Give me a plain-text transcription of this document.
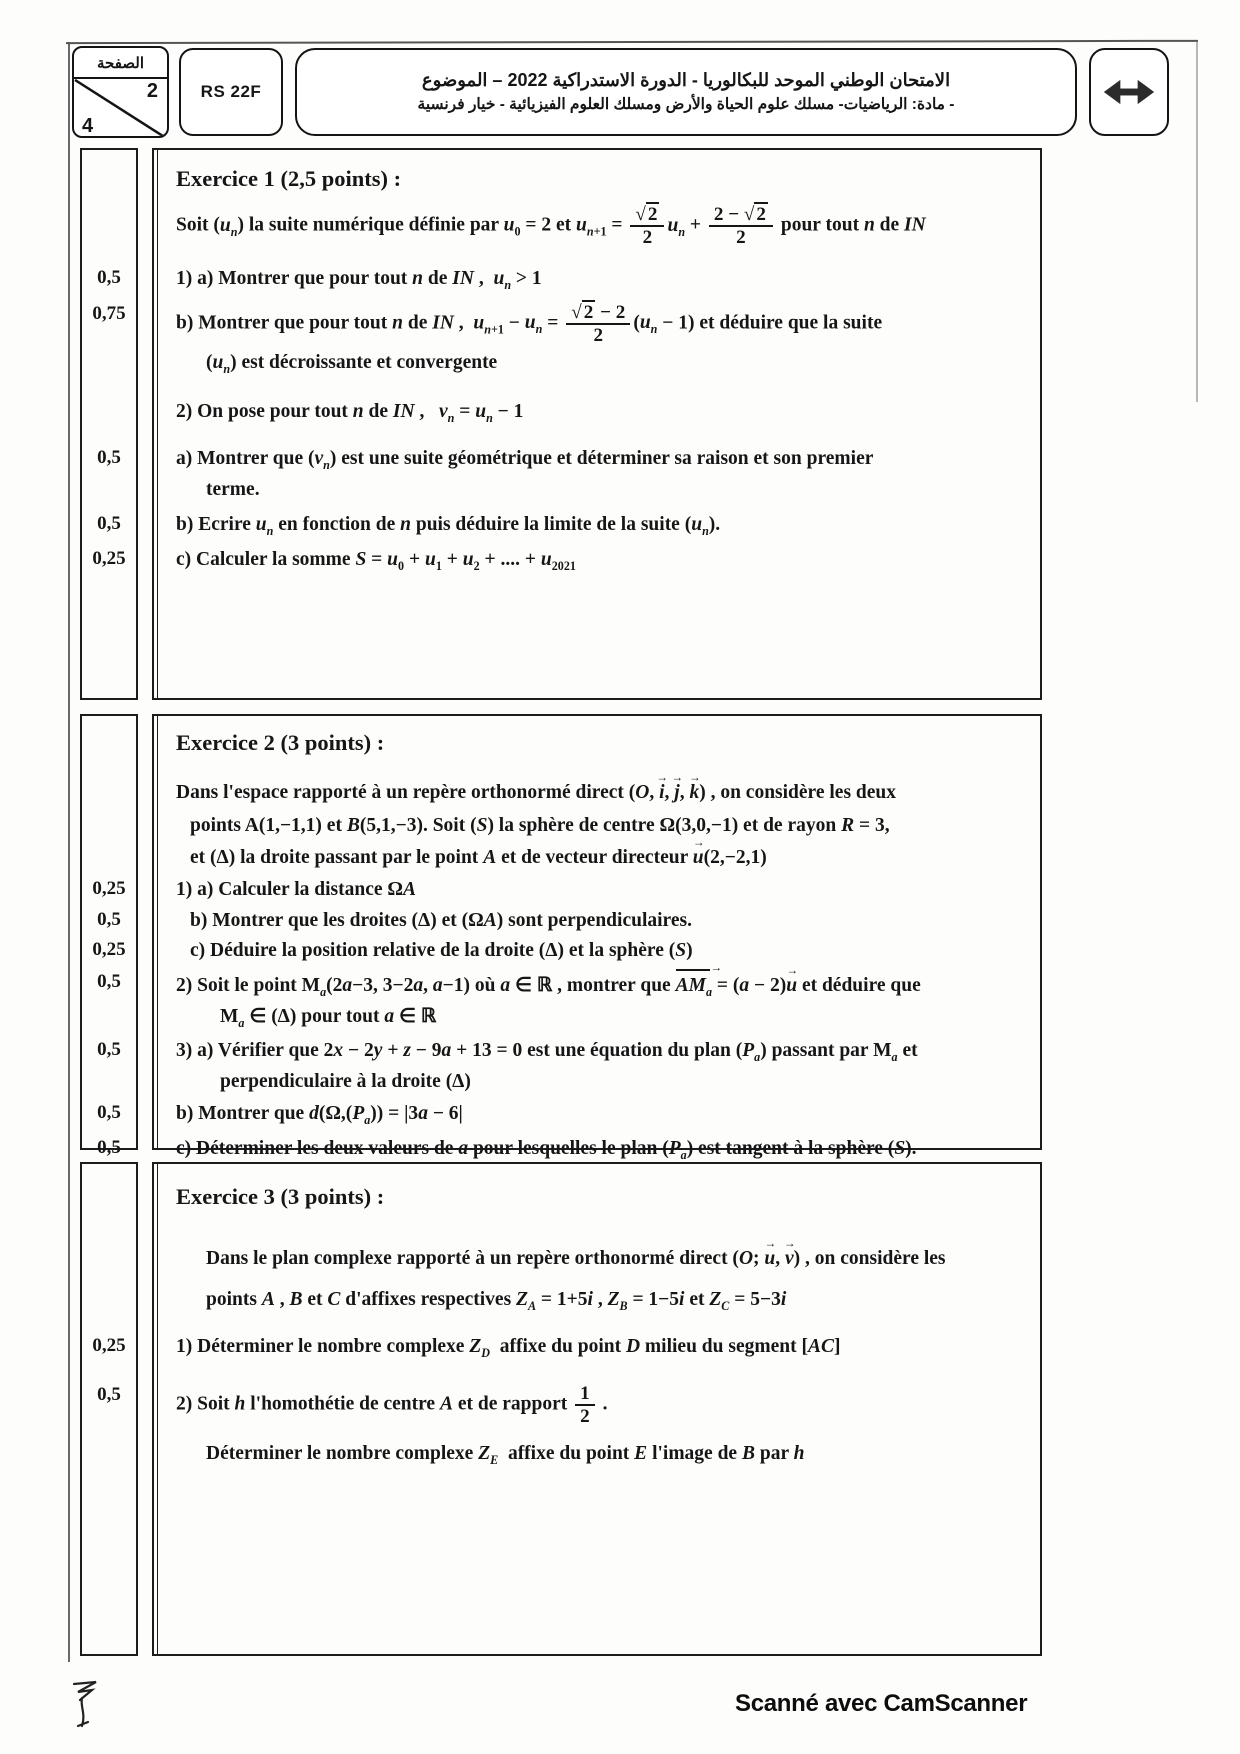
الصفحة
2
4
RS 22F
الامتحان الوطني الموحد للبكالوريا - الدورة الاستدراكية 2022 – الموضوع
- مادة: الرياضيات- مسلك علوم الحياة والأرض ومسلك العلوم الفيزيائية - خيار فرنسية
Exercice 1 (2,5 points) :
Soit $(u_n)$ la suite numérique définie par $u_0 = 2$ et $u_{n+1} = \frac{√ 2}{2} u_n + \frac{2 - √ 2}{2}$ pour tout n de IN
0,5	1) a) Montrer que pour tout n de IN ,  $u_n > 1$
0,75	b) Montrer que pour tout n de IN ,  $u_{n+1} - u_n = \frac{√ 2 - 2}{2} (u_n - 1)$ et déduire que la suite
$(u_n)$ est décroissante et convergente
2) On pose pour tout n de IN ,   $v_n = u_n - 1$
0,5	a) Montrer que $(v_n)$ est une suite géométrique et déterminer sa raison et son premier
terme.
0,5	b) Ecrire $u_n$ en fonction de n puis déduire la limite de la suite $(u_n)$.
0,25	c) Calculer la somme $S = u_0 + u_1 + u_2$ + .... + $u_{2021}$
Exercice 2 (3 points) :
Dans l'espace rapporté à un repère orthonormé direct (O, i →, j →, k →) , on considère les deux
points A(1,−1,1) et B(5,1,−3). Soit (S) la sphère de centre Ω(3,0,−1) et de rayon R = 3,
et (Δ) la droite passant par le point A et de vecteur directeur u →(2,−2,1)
0,25	1) a) Calculer la distance ΩA
0,5	b) Montrer que les droites (Δ) et (ΩA) sont perpendiculaires.
0,25	c) Déduire la position relative de la droite (Δ) et la sphère (S)
0,5	2) Soit le point $M_a(2a-3$, 3−2a, a−1) où a ∈ ℝ , montrer que $AM_a$ → = (a − 2)u → et déduire que
$M_a$ ∈ (Δ) pour tout a ∈ ℝ
0,5	3) a) Vérifier que 2x − 2y + z − 9a + 13 = 0 est une équation du plan $(P_a)$ passant par $M_a$ et
perpendiculaire à la droite (Δ)
0,5	b) Montrer que $d(\Omega,(P_a)) = |3a - 6|$
0,5	c) Déterminer les deux valeurs de a pour lesquelles le plan $(P_a)$ est tangent à la sphère (S).
Exercice 3 (3 points) :
Dans le plan complexe rapporté à un repère orthonormé direct (O; u →, v →) , on considère les
points A , B et C d'affixes respectives $Z_A = 1+5i$ , $Z_B = 1-5i$ et $Z_C = 5-3i$
0,25	1) Déterminer le nombre complexe $Z_D$  affixe du point D milieu du segment [AC]
0,5	2) Soit h l'homothétie de centre A et de rapport $\frac{1}{2}$ .
Déterminer le nombre complexe $Z_E$  affixe du point E l'image de B par h
Scanné avec CamScanner
